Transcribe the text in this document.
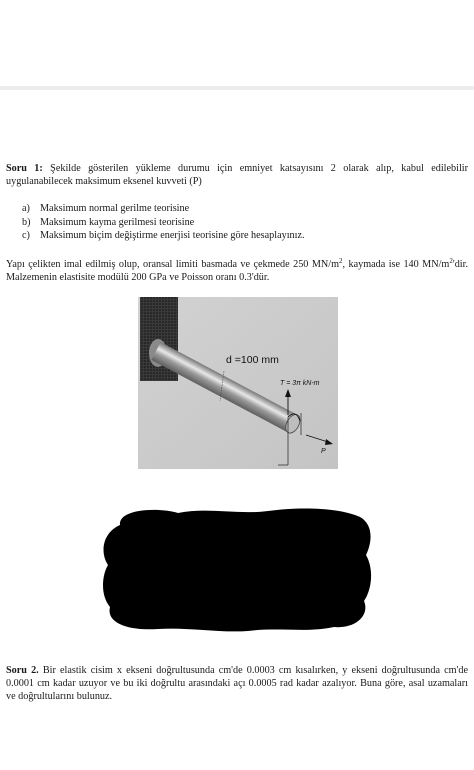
Soru 1: Şekilde gösterilen yükleme durumu için emniyet katsayısını 2 olarak alıp, kabul edilebilir uygulanabilecek maksimum eksenel kuvveti (P)
a) Maksimum normal gerilme teorisine
b) Maksimum kayma gerilmesi teorisine
c) Maksimum biçim değiştirme enerjisi teorisine göre hesaplayınız.
Yapı çelikten imal edilmiş olup, oransal limiti basmada ve çekmede 250 $MN/m^2$, kaymada ise 140 $MN/m^2'dir$. Malzemenin elastisite modülü 200 GPa ve Poisson oranı 0.3'dür.
d =100 mm
T = 3π kN-m
P
Soru 2. Bir elastik cisim x ekseni doğrultusunda cm'de 0.0003 cm kısalırken, y ekseni doğrultusunda cm'de 0.0001 cm kadar uzuyor ve bu iki doğrultu arasındaki açı 0.0005 rad kadar azalıyor. Buna göre, asal uzamaları ve doğrultularını bulunuz.
